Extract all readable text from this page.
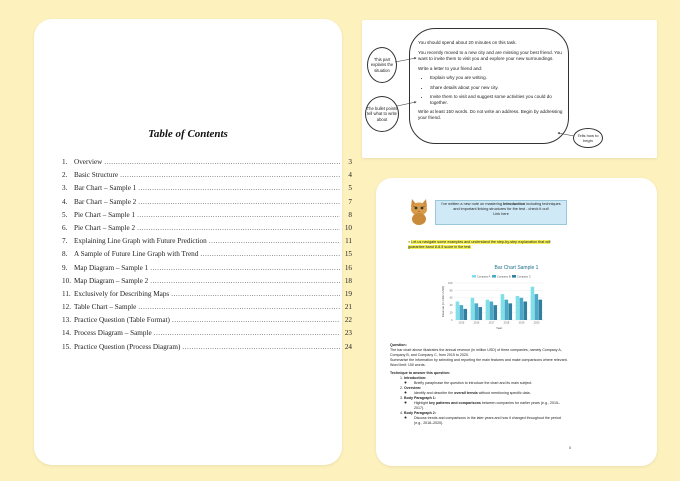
Table of Contents
1. Overview .....	3
2. Basic Structure .....	4
3. Bar Chart – Sample 1 .....	5
4. Bar Chart – Sample 2 .....	7
5. Pie Chart – Sample 1 .....	8
6. Pie Chart – Sample 2 .....	10
7. Explaining Line Graph with Future Prediction .....	11
8. A Sample of Future Line Graph with Trend .....	15
9. Map Diagram – Sample 1 .....	16
10. Map Diagram – Sample 2 .....	18
11. Exclusively for Describing Maps .....	19
12. Table Chart – Sample .....	21
13. Practice Question (Table Format) .....	22
14. Process Diagram – Sample .....	23
15. Practice Question (Process Diagram) .....	24

You should spend about 20 minutes on this task.

You recently moved to a new city and are missing your best friend. You want to invite them to visit you and explore your new surroundings.

Write a letter to your friend and:

• Explain why you are writing.
• Share details about your new city.
• Invite them to visit and suggest some activities you could do together.

Write at least 150 words. Do not write an address. Begin by addressing your friend.

This part explains the situation
The bullet points tell what to write about
Tells how to begin
I've written a new note on mastering Introduction including techniques
and important linking structures for the test - check it out!
Link here
● Let us navigate some examples and understand the step-by-step explanation that will guarantee band 8-8.5 score in the test.
Bar Chart Sample 1
Company A	Company B Company C
0
20
40
60
80
100
2015	2016	2017	2018	2019	2020
Year
Revenue (in million USD)

Question:

The bar chart above illustrates the annual revenue (in million USD) of three companies, namely Company A, Company B, and Company C, from 2015 to 2020.

Summarise the information by selecting and reporting the main features and make comparisons where relevant. Word limit: 150 words.

Technique to answer this question:

1. Introduction:
◦ Briefly paraphrase the question to introduce the chart and its main subject.
2. Overview:
◦ Identify and describe the overall trends without mentioning specific data.
3. Body Paragraph 1:
◦ Highlight key patterns and comparisons between companies for earlier years (e.g., 2015–2017).
4. Body Paragraph 2:
◦ Discuss trends and comparisons in the later years and how it changed throughout the period (e.g., 2018–2020).
5
